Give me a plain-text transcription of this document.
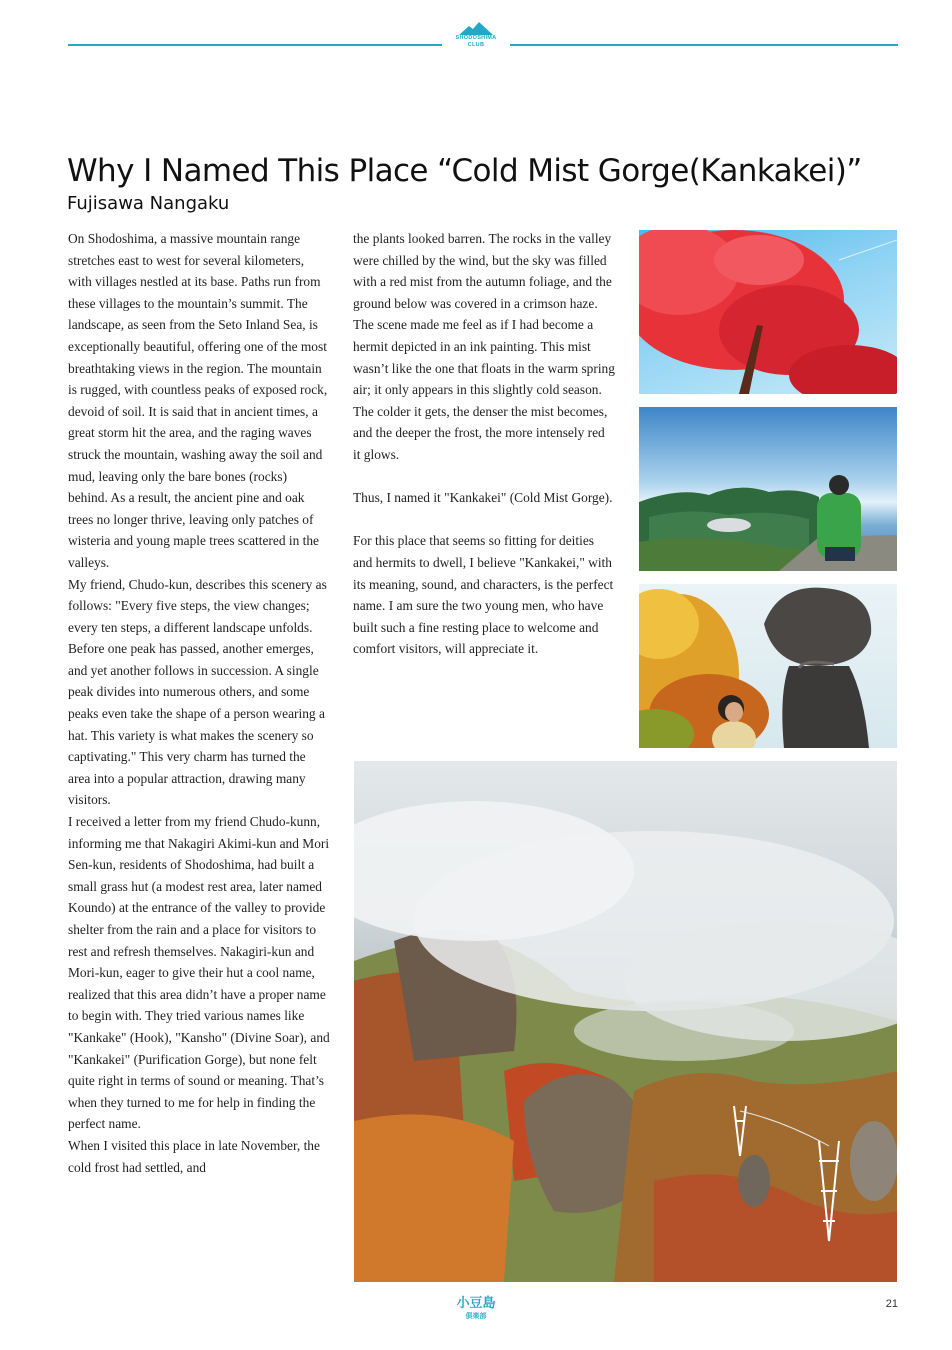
SHODOSHIMA
CLUB
Why I Named This Place “Cold Mist Gorge(Kankakei)”
Fujisawa Nangaku

On Shodoshima, a massive mountain range stretches east to west for several kilometers, with villages nestled at its base. Paths run from these villages to the mountain’s summit. The landscape, as seen from the Seto Inland Sea, is exceptionally beautiful, offering one of the most breathtaking views in the region. The mountain is rugged, with countless peaks of exposed rock, devoid of soil. It is said that in ancient times, a great storm hit the area, and the raging waves struck the mountain, washing away the soil and mud, leaving only the bare bones (rocks) behind. As a result, the ancient pine and oak trees no longer thrive, leaving only patches of wisteria and young maple trees scattered in the valleys.

My friend, Chudo-kun, describes this scenery as follows: "Every five steps, the view changes; every ten steps, a different landscape unfolds. Before one peak has passed, another emerges, and yet another follows in succession. A single peak divides into numerous others, and some peaks even take the shape of a person wearing a hat. This variety is what makes the scenery so captivating." This very charm has turned the area into a popular attraction, drawing many visitors.

I received a letter from my friend Chudo-kunn, informing me that Nakagiri Akimi-kun and Mori Sen-kun, residents of Shodoshima, had built a small grass hut (a modest rest area, later named Koundo) at the entrance of the valley to provide shelter from the rain and a place for visitors to rest and refresh themselves. Nakagiri-kun and Mori-kun, eager to give their hut a cool name, realized that this area didn’t have a proper name to begin with. They tried various names like "Kankake" (Hook), "Kansho" (Divine Soar), and "Kankakei" (Purification Gorge), but none felt quite right in terms of sound or meaning. That’s when they turned to me for help in finding the perfect name.

When I visited this place in late November, the cold frost had settled, and

the plants looked barren. The rocks in the valley were chilled by the wind, but the sky was filled with a red mist from the autumn foliage, and the ground below was covered in a crimson haze. The scene made me feel as if I had become a hermit depicted in an ink painting. This mist wasn’t like the one that floats in the warm spring air; it only appears in this slightly cold season. The colder it gets, the denser the mist becomes, and the deeper the frost, the more intensely red it glows.

Thus, I named it "Kankakei" (Cold Mist Gorge).

For this place that seems so fitting for deities and hermits to dwell, I believe "Kankakei," with its meaning, sound, and characters, is the perfect name. I am sure the two young men, who have built such a fine resting place to welcome and comfort visitors, will appreciate it.

小豆島
倶楽部
21
